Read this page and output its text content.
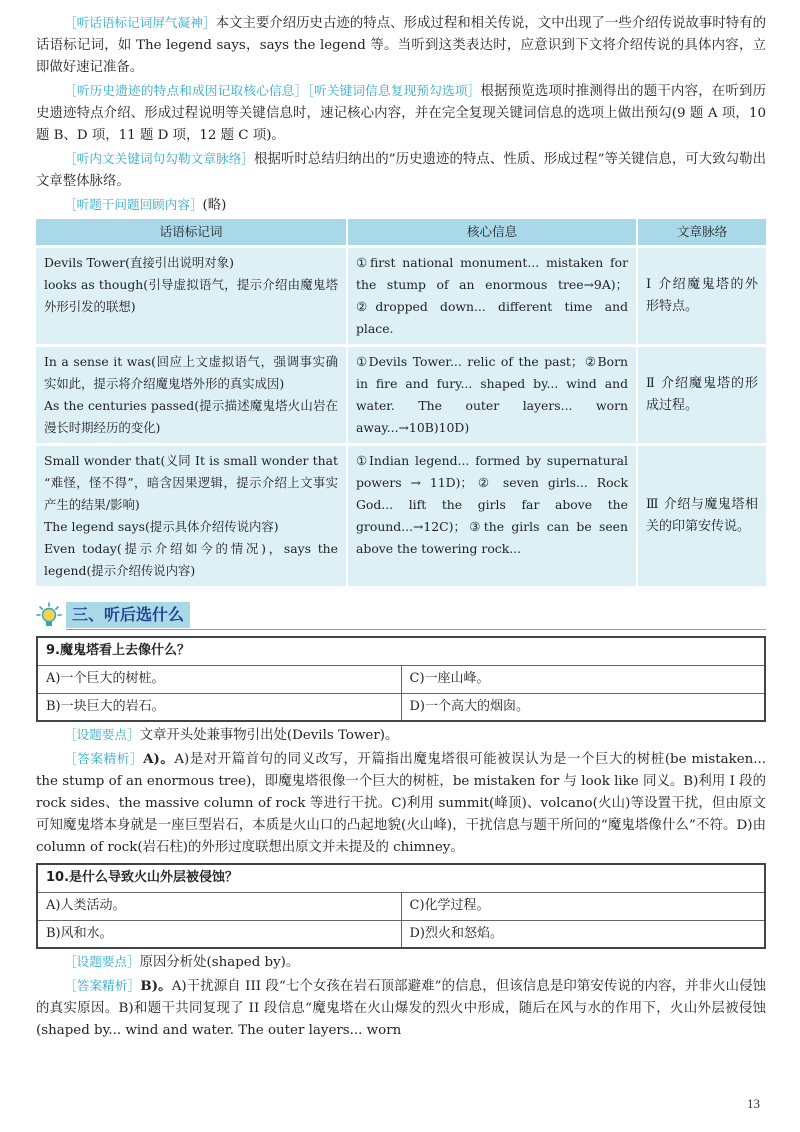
［ 听话语标记词屏气凝神 ］ 本文主要介绍历史古迹的特点、形成过程和相关传说，文中出现了一些介绍传说故事时特有的话语标记词，如 The legend says，says the legend 等。当听到这类表达时，应意识到下文将介绍传说的具体内容，立即做好速记准备。

［ 听历史遗迹的特点和成因记取核心信息 ］ ［ 听关键词信息复现预勾选项 ］ 根据预览选项时推测得出的题干内容，在听到历史遗迹特点介绍、形成过程说明等关键信息时，速记核心内容，并在完全复现关键词信息的选项上做出预勾(9 题 A 项，10 题 B、D 项，11 题 D 项，12 题 C 项)。

［ 听内文关键词句勾勒文章脉络 ］ 根据听时总结归纳出的“历史遗迹的特点、性质、形成过程”等关键信息，可大致勾勒出文章整体脉络。

［ 听题干问题回顾内容 ］ (略)

话语标记词	核心信息	文章脉络
Devils Tower(直接引出说明对象)
looks as though(引导虚拟语气，提示介绍由魔鬼塔外形引发的联想)	①first national monument... mistaken for the stump of an enormous tree→9A)；②dropped down... different time and place.	Ⅰ 介绍魔鬼塔的外形特点。
In a sense it was(回应上文虚拟语气，强调事实确实如此，提示将介绍魔鬼塔外形的真实成因)
As the centuries passed(提示描述魔鬼塔火山岩在漫长时期经历的变化)	①Devils Tower... relic of the past；②Born in fire and fury... shaped by... wind and water. The outer layers... worn away...→10B)10D)	Ⅱ 介绍魔鬼塔的形成过程。
Small wonder that(义同 It is small wonder that “难怪，怪不得”，暗含因果逻辑，提示介绍上文事实产生的结果/影响)
The legend says(提示具体介绍传说内容)
Even today(提示介绍如今的情况)，says the legend(提示介绍传说内容)	①Indian legend... formed by supernatural powers → 11D)；② seven girls... Rock God... lift the girls far above the ground...→12C)；③the girls can be seen above the towering rock...	Ⅲ 介绍与魔鬼塔相关的印第安传说。
三、听后选什么
9.魔鬼塔看上去像什么？	
A)一个巨大的树桩。	C)一座山峰。
B)一块巨大的岩石。	D)一个高大的烟囱。

［ 设题要点 ］ 文章开头处兼事物引出处(Devils Tower)。

［ 答案精析 ］ A)。A)是对开篇首句的同义改写，开篇指出魔鬼塔很可能被误认为是一个巨大的树桩(be mistaken... the stump of an enormous tree)，即魔鬼塔很像一个巨大的树桩，be mistaken for 与 look like 同义。B)利用 I 段的 rock sides、the massive column of rock 等进行干扰。C)利用 summit(峰顶)、volcano(火山)等设置干扰，但由原文可知魔鬼塔本身就是一座巨型岩石，本质是火山口的凸起地貌(火山峰)，干扰信息与题干所问的“魔鬼塔像什么”不符。D)由 column of rock(岩石柱)的外形过度联想出原文并未提及的 chimney。

10.是什么导致火山外层被侵蚀？	
A)人类活动。	C)化学过程。
B)风和水。	D)烈火和怒焰。

［ 设题要点 ］ 原因分析处(shaped by)。

［ 答案精析 ］ B)。A)干扰源自 III 段“七个女孩在岩石顶部避难”的信息，但该信息是印第安传说的内容，并非火山侵蚀的真实原因。B)和题干共同复现了 II 段信息“魔鬼塔在火山爆发的烈火中形成，随后在风与水的作用下，火山外层被侵蚀(shaped by... wind and water. The outer layers... worn

13
